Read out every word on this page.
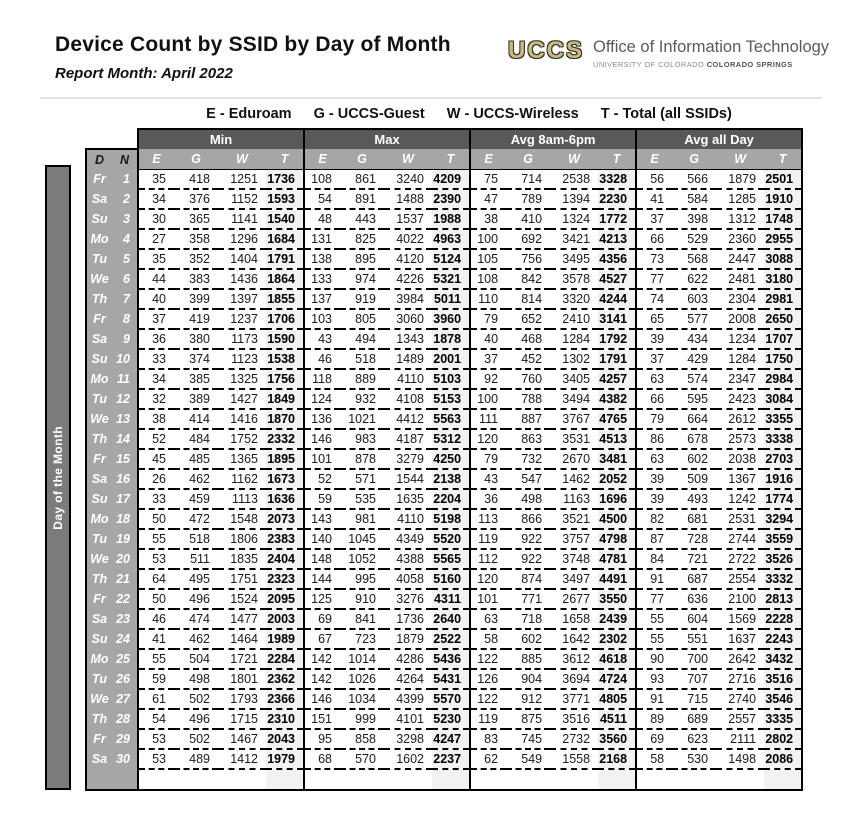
Device Count by SSID by Day of Month
Report Month: April 2022
UCCS Office of Information Technology
UNIVERSITY OF COLORADO COLORADO SPRINGS
E - Eduroam G - UCCS-Guest W - UCCS-Wireless T - Total (all SSIDs)
Day of the Month
		Min				Max				Avg 8am-6pm				Avg all Day			
D	N	E	G	W	T	E	G	W	T	E	G	W	T	E	G	W	T
Fr	1	35	418	1251	1736	108	861	3240	4209	75	714	2538	3328	56	566	1879	2501
Sa	2	34	376	1152	1593	54	891	1488	2390	47	789	1394	2230	41	584	1285	1910
Su	3	30	365	1141	1540	48	443	1537	1988	38	410	1324	1772	37	398	1312	1748
Mo	4	27	358	1296	1684	131	825	4022	4963	100	692	3421	4213	66	529	2360	2955
Tu	5	35	352	1404	1791	138	895	4120	5124	105	756	3495	4356	73	568	2447	3088
We	6	44	383	1436	1864	133	974	4226	5321	108	842	3578	4527	77	622	2481	3180
Th	7	40	399	1397	1855	137	919	3984	5011	110	814	3320	4244	74	603	2304	2981
Fr	8	37	419	1237	1706	103	805	3060	3960	79	652	2410	3141	65	577	2008	2650
Sa	9	36	380	1173	1590	43	494	1343	1878	40	468	1284	1792	39	434	1234	1707
Su	10	33	374	1123	1538	46	518	1489	2001	37	452	1302	1791	37	429	1284	1750
Mo	11	34	385	1325	1756	118	889	4110	5103	92	760	3405	4257	63	574	2347	2984
Tu	12	32	389	1427	1849	124	932	4108	5153	100	788	3494	4382	66	595	2423	3084
We	13	38	414	1416	1870	136	1021	4412	5563	111	887	3767	4765	79	664	2612	3355
Th	14	52	484	1752	2332	146	983	4187	5312	120	863	3531	4513	86	678	2573	3338
Fr	15	45	485	1365	1895	101	878	3279	4250	79	732	2670	3481	63	602	2038	2703
Sa	16	26	462	1162	1673	52	571	1544	2138	43	547	1462	2052	39	509	1367	1916
Su	17	33	459	1113	1636	59	535	1635	2204	36	498	1163	1696	39	493	1242	1774
Mo	18	50	472	1548	2073	143	981	4110	5198	113	866	3521	4500	82	681	2531	3294
Tu	19	55	518	1806	2383	140	1045	4349	5520	119	922	3757	4798	87	728	2744	3559
We	20	53	511	1835	2404	148	1052	4388	5565	112	922	3748	4781	84	721	2722	3526
Th	21	64	495	1751	2323	144	995	4058	5160	120	874	3497	4491	91	687	2554	3332
Fr	22	50	496	1524	2095	125	910	3276	4311	101	771	2677	3550	77	636	2100	2813
Sa	23	46	474	1477	2003	69	841	1736	2640	63	718	1658	2439	55	604	1569	2228
Su	24	41	462	1464	1989	67	723	1879	2522	58	602	1642	2302	55	551	1637	2243
Mo	25	55	504	1721	2284	142	1014	4286	5436	122	885	3612	4618	90	700	2642	3432
Tu	26	59	498	1801	2362	142	1026	4264	5431	126	904	3694	4724	93	707	2716	3516
We	27	61	502	1793	2366	146	1034	4399	5570	122	912	3771	4805	91	715	2740	3546
Th	28	54	496	1715	2310	151	999	4101	5230	119	875	3516	4511	89	689	2557	3335
Fr	29	53	502	1467	2043	95	858	3298	4247	83	745	2732	3560	69	623	2111	2802
Sa	30	53	489	1412	1979	68	570	1602	2237	62	549	1558	2168	58	530	1498	2086
